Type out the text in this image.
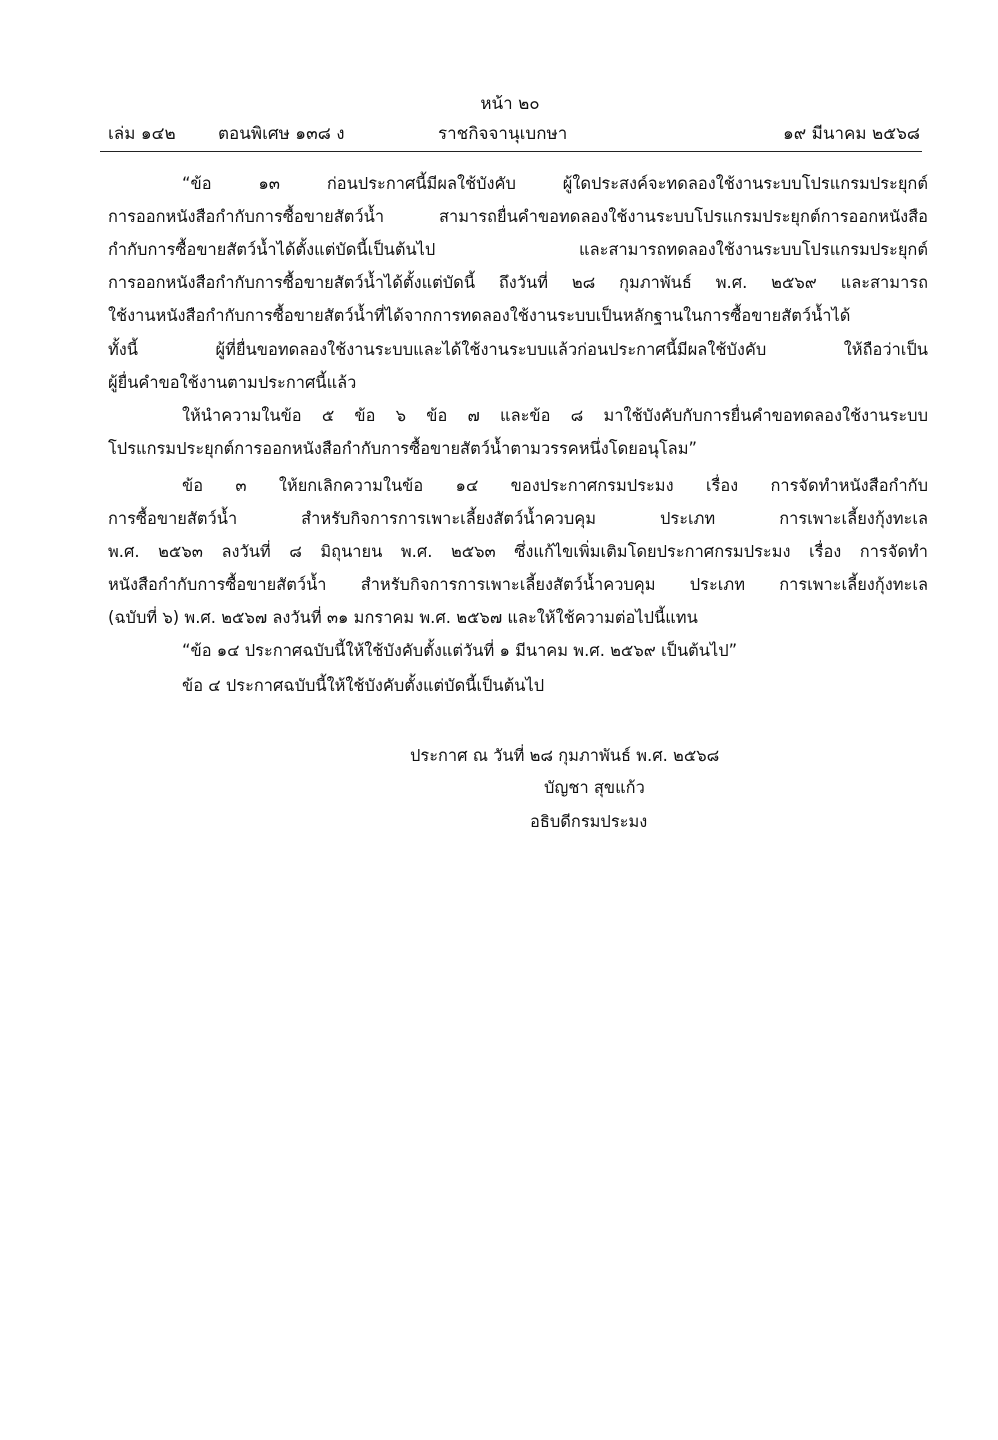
หน้า ๒๐
เล่ม ๑๔๒ ตอนพิเศษ ๑๓๘ ง	ราชกิจจานุเบกษา	๑๙ มีนาคม ๒๕๖๘
“ข้อ ๑๓ ก่อนประกาศนี้มีผลใช้บังคับ ผู้ใดประสงค์จะทดลองใช้งานระบบโปรแกรมประยุกต์
การออกหนังสือกำกับการซื้อขายสัตว์น้ำ สามารถยื่นคำขอทดลองใช้งานระบบโปรแกรมประยุกต์การออกหนังสือ
กำกับการซื้อขายสัตว์น้ำได้ตั้งแต่บัดนี้เป็นต้นไป และสามารถทดลองใช้งานระบบโปรแกรมประยุกต์
การออกหนังสือกำกับการซื้อขายสัตว์น้ำได้ตั้งแต่บัดนี้ ถึงวันที่ ๒๘ กุมภาพันธ์ พ.ศ. ๒๕๖๙ และสามารถ
ใช้งานหนังสือกำกับการซื้อขายสัตว์น้ำที่ได้จากการทดลองใช้งานระบบเป็นหลักฐานในการซื้อขายสัตว์น้ำได้
ทั้งนี้ ผู้ที่ยื่นขอทดลองใช้งานระบบและได้ใช้งานระบบแล้วก่อนประกาศนี้มีผลใช้บังคับ ให้ถือว่าเป็น
ผู้ยื่นคำขอใช้งานตามประกาศนี้แล้ว
ให้นำความในข้อ ๕ ข้อ ๖ ข้อ ๗ และข้อ ๘ มาใช้บังคับกับการยื่นคำขอทดลองใช้งานระบบ
โปรแกรมประยุกต์การออกหนังสือกำกับการซื้อขายสัตว์น้ำตามวรรคหนึ่งโดยอนุโลม”
ข้อ ๓ ให้ยกเลิกความในข้อ ๑๔ ของประกาศกรมประมง เรื่อง การจัดทำหนังสือกำกับ
การซื้อขายสัตว์น้ำ สำหรับกิจการการเพาะเลี้ยงสัตว์น้ำควบคุม ประเภท การเพาะเลี้ยงกุ้งทะเล
พ.ศ. ๒๕๖๓ ลงวันที่ ๘ มิถุนายน พ.ศ. ๒๕๖๓ ซึ่งแก้ไขเพิ่มเติมโดยประกาศกรมประมง เรื่อง การจัดทำ
หนังสือกำกับการซื้อขายสัตว์น้ำ สำหรับกิจการการเพาะเลี้ยงสัตว์น้ำควบคุม ประเภท การเพาะเลี้ยงกุ้งทะเล
(ฉบับที่ ๖) พ.ศ. ๒๕๖๗ ลงวันที่ ๓๑ มกราคม พ.ศ. ๒๕๖๗ และให้ใช้ความต่อไปนี้แทน
“ข้อ ๑๔ ประกาศฉบับนี้ให้ใช้บังคับตั้งแต่วันที่ ๑ มีนาคม พ.ศ. ๒๕๖๙ เป็นต้นไป”
ข้อ ๔ ประกาศฉบับนี้ให้ใช้บังคับตั้งแต่บัดนี้เป็นต้นไป
ประกาศ ณ วันที่ ๒๘ กุมภาพันธ์ พ.ศ. ๒๕๖๘
บัญชา สุขแก้ว
อธิบดีกรมประมง
